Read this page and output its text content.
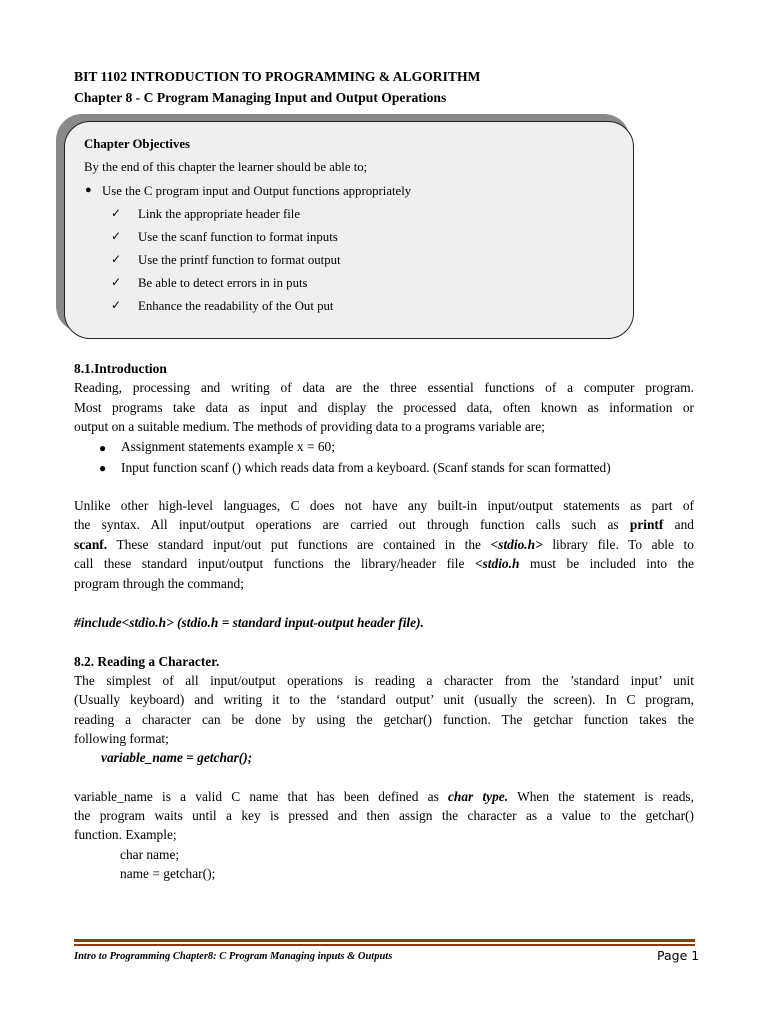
BIT 1102 INTRODUCTION TO PROGRAMMING & ALGORITHM
Chapter 8 - C Program Managing Input and Output Operations
Chapter Objectives
By the end of this chapter the learner should be able to;
● Use the C program input and Output functions appropriately
✓ Link the appropriate header file
✓ Use the scanf function to format inputs
✓ Use the printf function to format output
✓ Be able to detect errors in in puts
✓ Enhance the readability of the Out put
8.1.Introduction
Reading, processing and writing of data are the three essential functions of a computer program.
Most programs take data as input and display the processed data, often known as information or
output on a suitable medium. The methods of providing data to a programs variable are;
● Assignment statements example x = 60;
● Input function scanf () which reads data from a keyboard. (Scanf stands for scan formatted)
Unlike other high-level languages, C does not have any built-in input/output statements as part of
the syntax. All input/output operations are carried out through function calls such as printf and
scanf. These standard input/out put functions are contained in the <stdio.h> library file. To able to
call these standard input/output functions the library/header file <stdio.h must be included into the
program through the command;
#include<stdio.h> (stdio.h = standard input-output header file).
8.2. Reading a Character.
The simplest of all input/output operations is reading a character from the ’standard input’ unit
(Usually keyboard) and writing it to the ‘standard output’ unit (usually the screen). In C program,
reading a character can be done by using the getchar() function. The getchar function takes the
following format;
variable_name = getchar();
variable_name is a valid C name that has been defined as char type. When the statement is reads,
the program waits until a key is pressed and then assign the character as a value to the getchar()
function. Example;
char name;
name = getchar();
Intro to Programming Chapter8: C Program Managing inputs & Outputs	Page 1
